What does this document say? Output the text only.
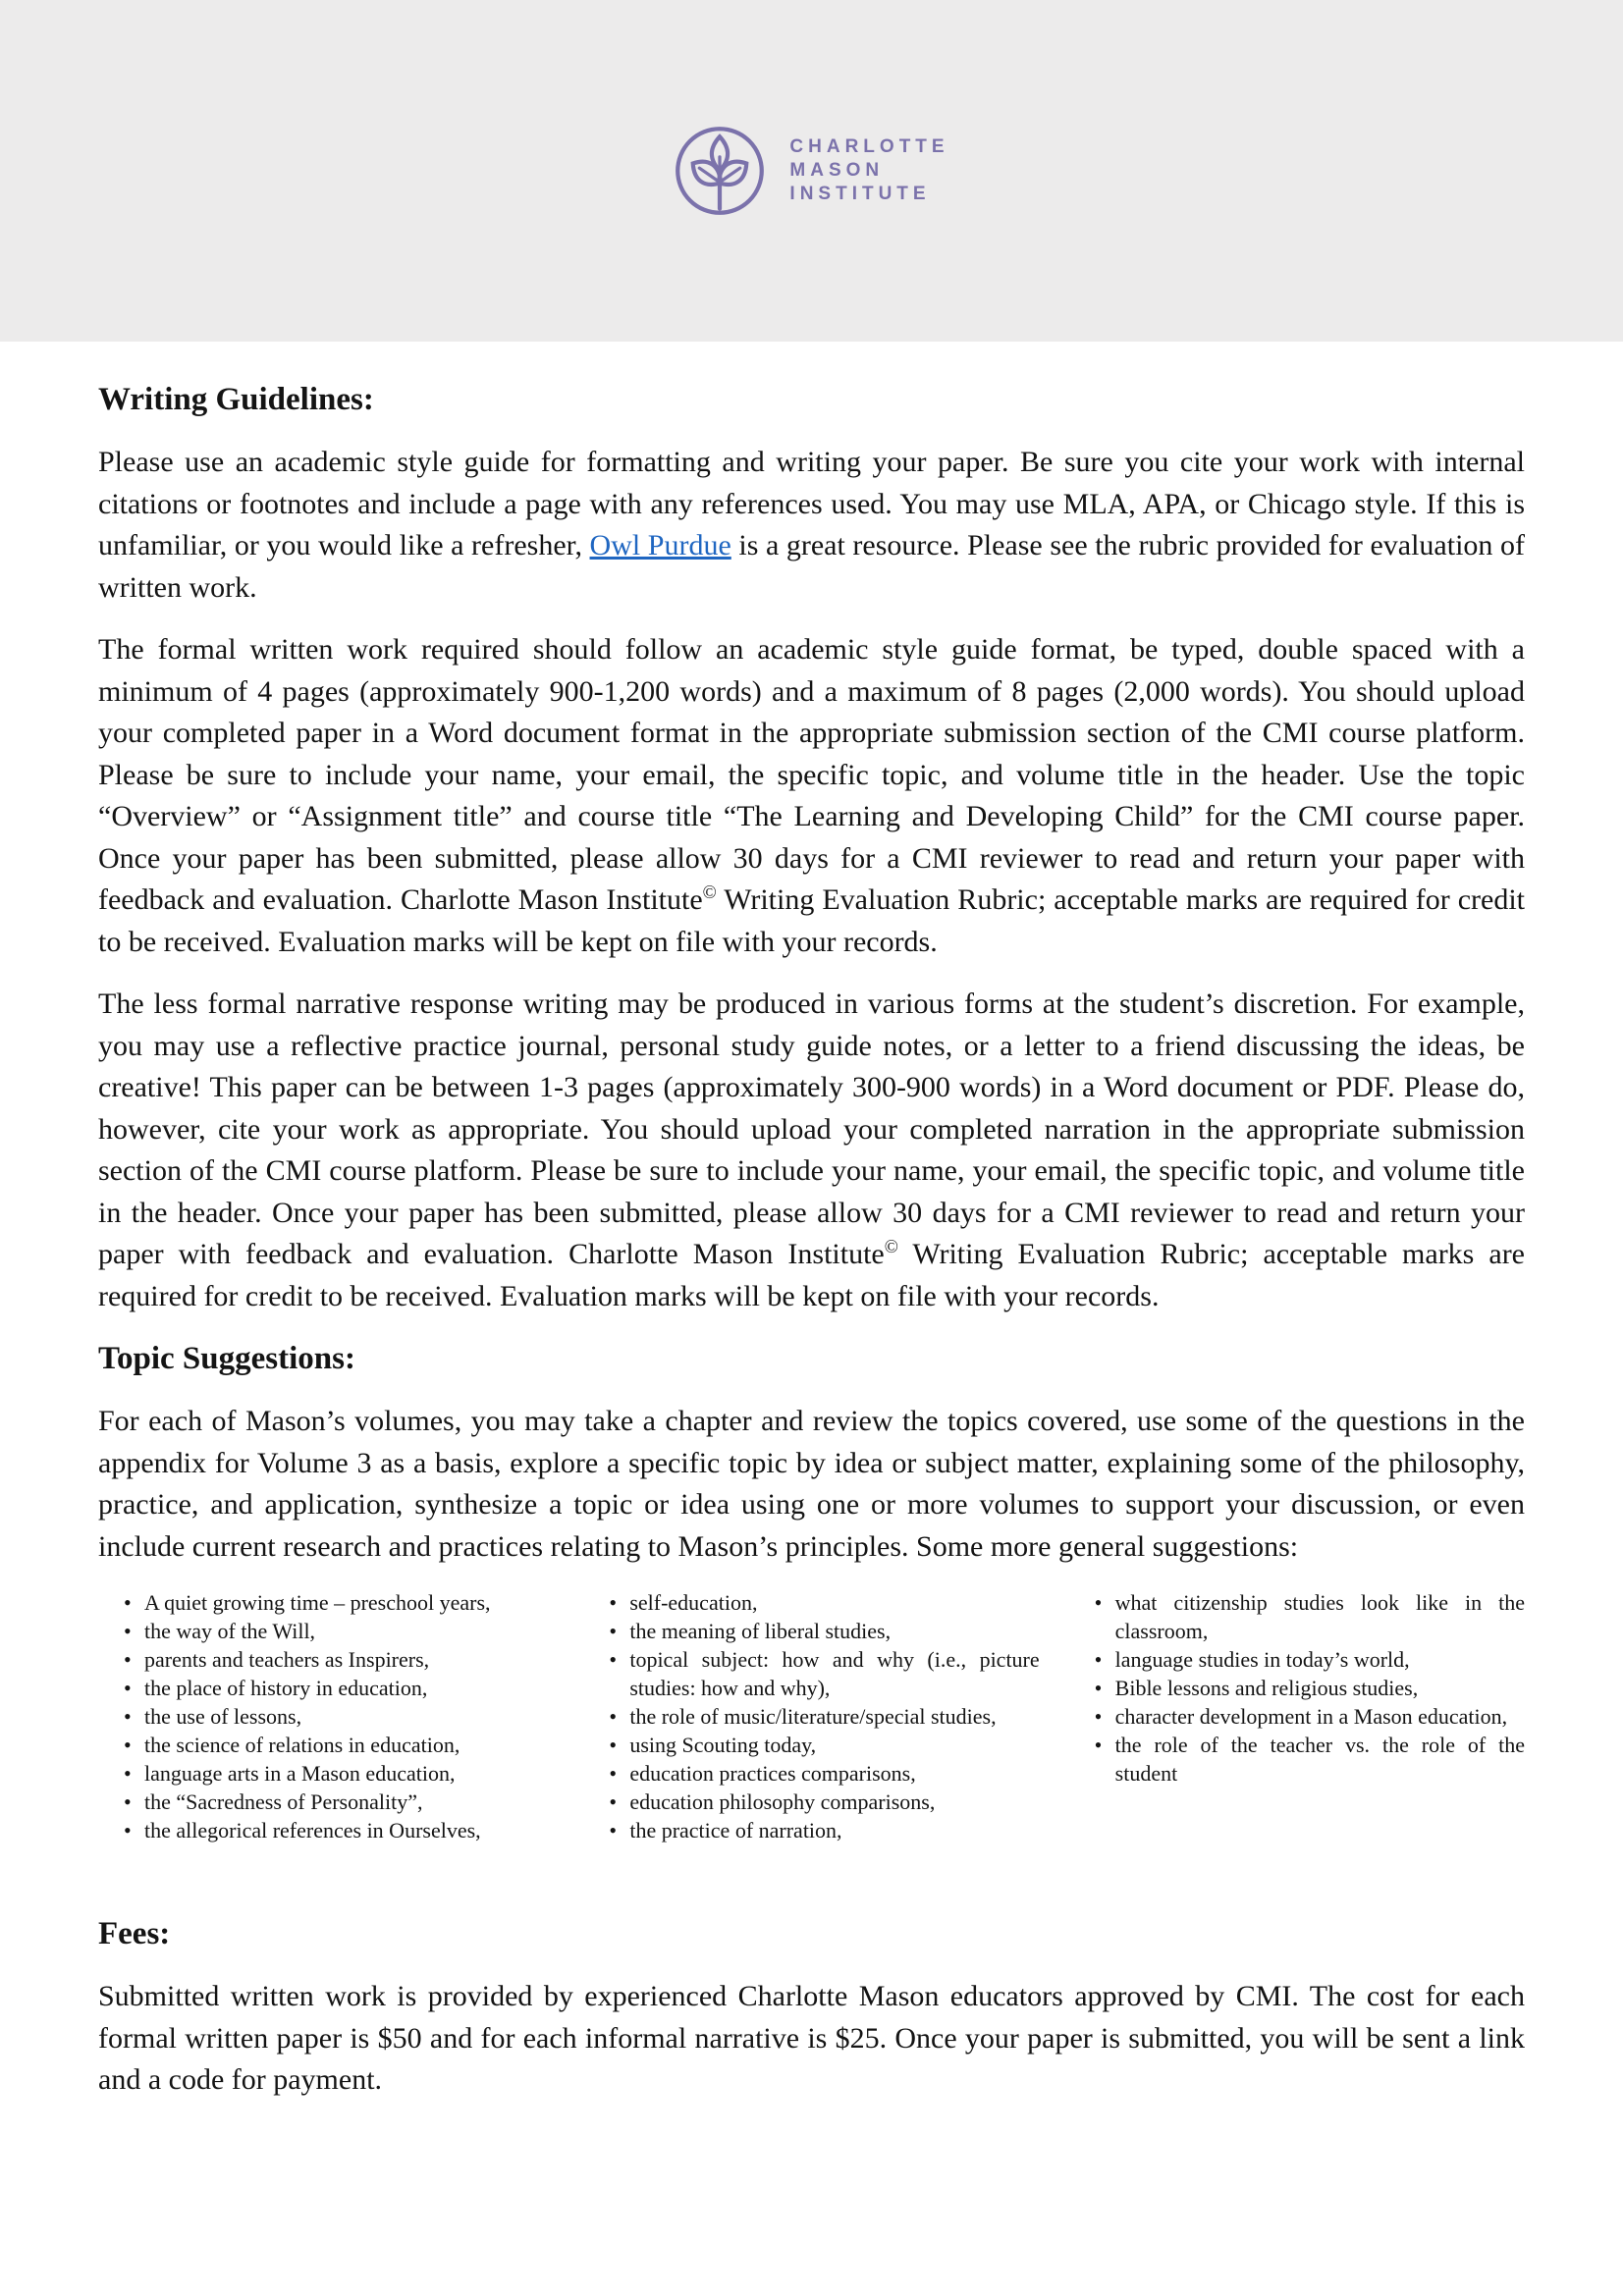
CHARLOTTE
MASON
INSTITUTE
Writing Guidelines:

Please use an academic style guide for formatting and writing your paper. Be sure you cite your work with internal citations or footnotes and include a page with any references used. You may use MLA, APA, or Chicago style. If this is unfamiliar, or you would like a refresher, Owl Purdue is a great resource. Please see the rubric provided for evaluation of written work.

The formal written work required should follow an academic style guide format, be typed, double spaced with a minimum of 4 pages (approximately 900-1,200 words) and a maximum of 8 pages (2,000 words). You should upload your completed paper in a Word document format in the appropriate submission section of the CMI course platform. Please be sure to include your name, your email, the specific topic, and volume title in the header. Use the topic “Overview” or “Assignment title” and course title “The Learning and Developing Child” for the CMI course paper. Once your paper has been submitted, please allow 30 days for a CMI reviewer to read and return your paper with feedback and evaluation. Charlotte Mason Institute© Writing Evaluation Rubric; acceptable marks are required for credit to be received. Evaluation marks will be kept on file with your records.

The less formal narrative response writing may be produced in various forms at the student’s discretion. For example, you may use a reflective practice journal, personal study guide notes, or a letter to a friend discussing the ideas, be creative! This paper can be between 1-3 pages (approximately 300-900 words) in a Word document or PDF. Please do, however, cite your work as appropriate. You should upload your completed narration in the appropriate submission section of the CMI course platform. Please be sure to include your name, your email, the specific topic, and volume title in the header. Once your paper has been submitted, please allow 30 days for a CMI reviewer to read and return your paper with feedback and evaluation. Charlotte Mason Institute© Writing Evaluation Rubric; acceptable marks are required for credit to be received. Evaluation marks will be kept on file with your records.

Topic Suggestions:

For each of Mason’s volumes, you may take a chapter and review the topics covered, use some of the questions in the appendix for Volume 3 as a basis, explore a specific topic by idea or subject matter, explaining some of the philosophy, practice, and application, synthesize a topic or idea using one or more volumes to support your discussion, or even include current research and practices relating to Mason’s principles. Some more general suggestions:

• A quiet growing time – preschool years,
• the way of the Will,
• parents and teachers as Inspirers,
• the place of history in education,
• the use of lessons,
• the science of relations in education,
• language arts in a Mason education,
• the “Sacredness of Personality”,
• the allegorical references in Ourselves,
• self-education,
• the meaning of liberal studies,
• topical subject: how and why (i.e., picture studies: how and why),
• the role of music/literature/special studies,
• using Scouting today,
• education practices comparisons,
• education philosophy comparisons,
• the practice of narration,
• what citizenship studies look like in the classroom,
• language studies in today’s world,
• Bible lessons and religious studies,
• character development in a Mason education,
• the role of the teacher vs. the role of the student
Fees:

Submitted written work is provided by experienced Charlotte Mason educators approved by CMI. The cost for each formal written paper is $50 and for each informal narrative is $25. Once your paper is submitted, you will be sent a link and a code for payment.
